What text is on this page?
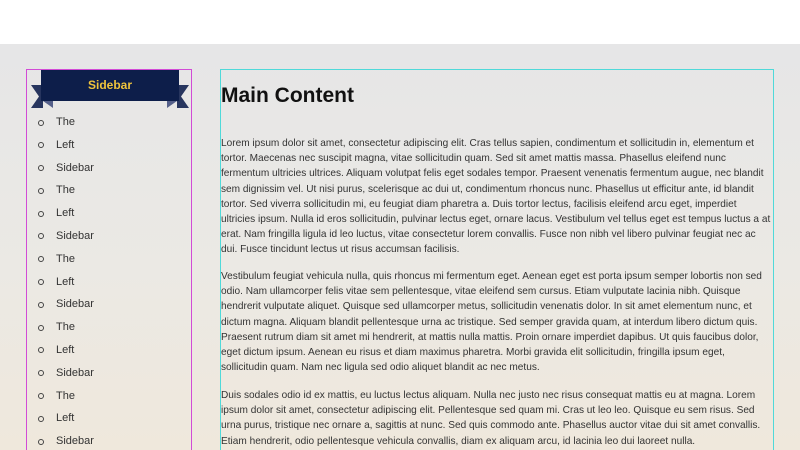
Sidebar
The
Left
Sidebar
The
Left
Sidebar
The
Left
Sidebar
The
Left
Sidebar
The
Left
Sidebar
Main Content

Lorem ipsum dolor sit amet, consectetur adipiscing elit. Cras tellus sapien, condimentum et sollicitudin in, elementum et tortor. Maecenas nec suscipit magna, vitae sollicitudin quam. Sed sit amet mattis massa. Phasellus eleifend nunc fermentum ultricies ultrices. Aliquam volutpat felis eget sodales tempor. Praesent venenatis fermentum augue, nec blandit sem dignissim vel. Ut nisi purus, scelerisque ac dui ut, condimentum rhoncus nunc. Phasellus ut efficitur ante, id blandit tortor. Sed viverra sollicitudin mi, eu feugiat diam pharetra a. Duis tortor lectus, facilisis eleifend arcu eget, imperdiet ultricies ipsum. Nulla id eros sollicitudin, pulvinar lectus eget, ornare lacus. Vestibulum vel tellus eget est tempus luctus a at erat. Nam fringilla ligula id leo luctus, vitae consectetur lorem convallis. Fusce non nibh vel libero pulvinar feugiat nec ac dui. Fusce tincidunt lectus ut risus accumsan facilisis.

Vestibulum feugiat vehicula nulla, quis rhoncus mi fermentum eget. Aenean eget est porta ipsum semper lobortis non sed odio. Nam ullamcorper felis vitae sem pellentesque, vitae eleifend sem cursus. Etiam vulputate lacinia nibh. Quisque hendrerit vulputate aliquet. Quisque sed ullamcorper metus, sollicitudin venenatis dolor. In sit amet elementum nunc, et dictum magna. Aliquam blandit pellentesque urna ac tristique. Sed semper gravida quam, at interdum libero dictum quis. Praesent rutrum diam sit amet mi hendrerit, at mattis nulla mattis. Proin ornare imperdiet dapibus. Ut quis faucibus dolor, eget dictum ipsum. Aenean eu risus et diam maximus pharetra. Morbi gravida elit sollicitudin, fringilla ipsum eget, sollicitudin quam. Nam nec ligula sed odio aliquet blandit ac nec metus.

Duis sodales odio id ex mattis, eu luctus lectus aliquam. Nulla nec justo nec risus consequat mattis eu at magna. Lorem ipsum dolor sit amet, consectetur adipiscing elit. Pellentesque sed quam mi. Cras ut leo leo. Quisque eu sem risus. Sed urna purus, tristique nec ornare a, sagittis at nunc. Sed quis commodo ante. Phasellus auctor vitae dui sit amet convallis. Etiam hendrerit, odio pellentesque vehicula convallis, diam ex aliquam arcu, id lacinia leo dui laoreet nulla.
